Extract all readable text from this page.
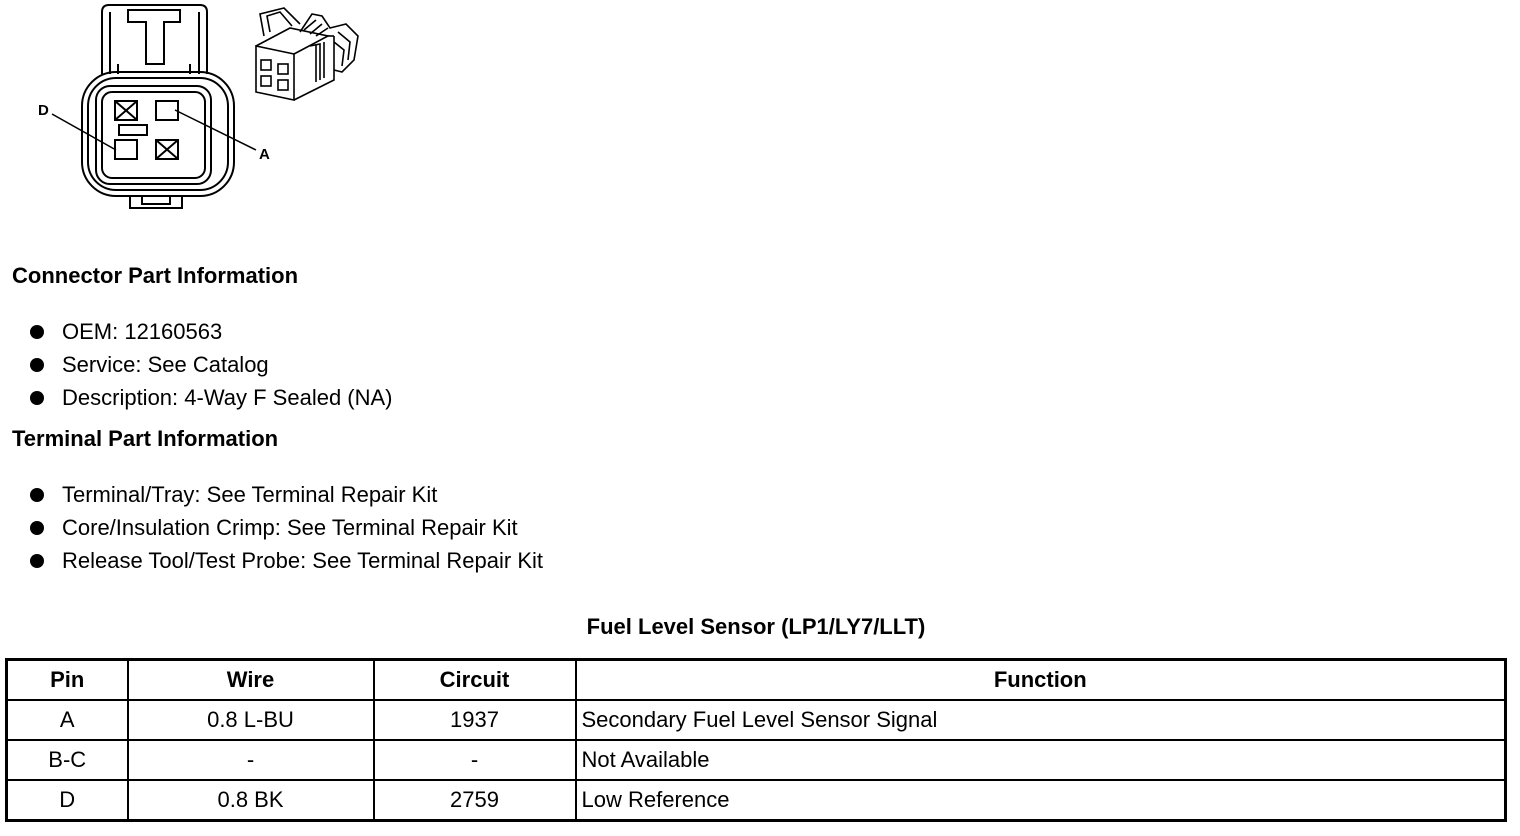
D
A
Connector Part Information
OEM: 12160563
Service: See Catalog
Description: 4-Way F Sealed (NA)
Terminal Part Information
Terminal/Tray: See Terminal Repair Kit
Core/Insulation Crimp: See Terminal Repair Kit
Release Tool/Test Probe: See Terminal Repair Kit
Fuel Level Sensor (LP1/LY7/LLT)
Pin	Wire	Circuit	Function
A	0.8 L-BU	1937	Secondary Fuel Level Sensor Signal
B-C	-	-	Not Available
D	0.8 BK	2759	Low Reference
